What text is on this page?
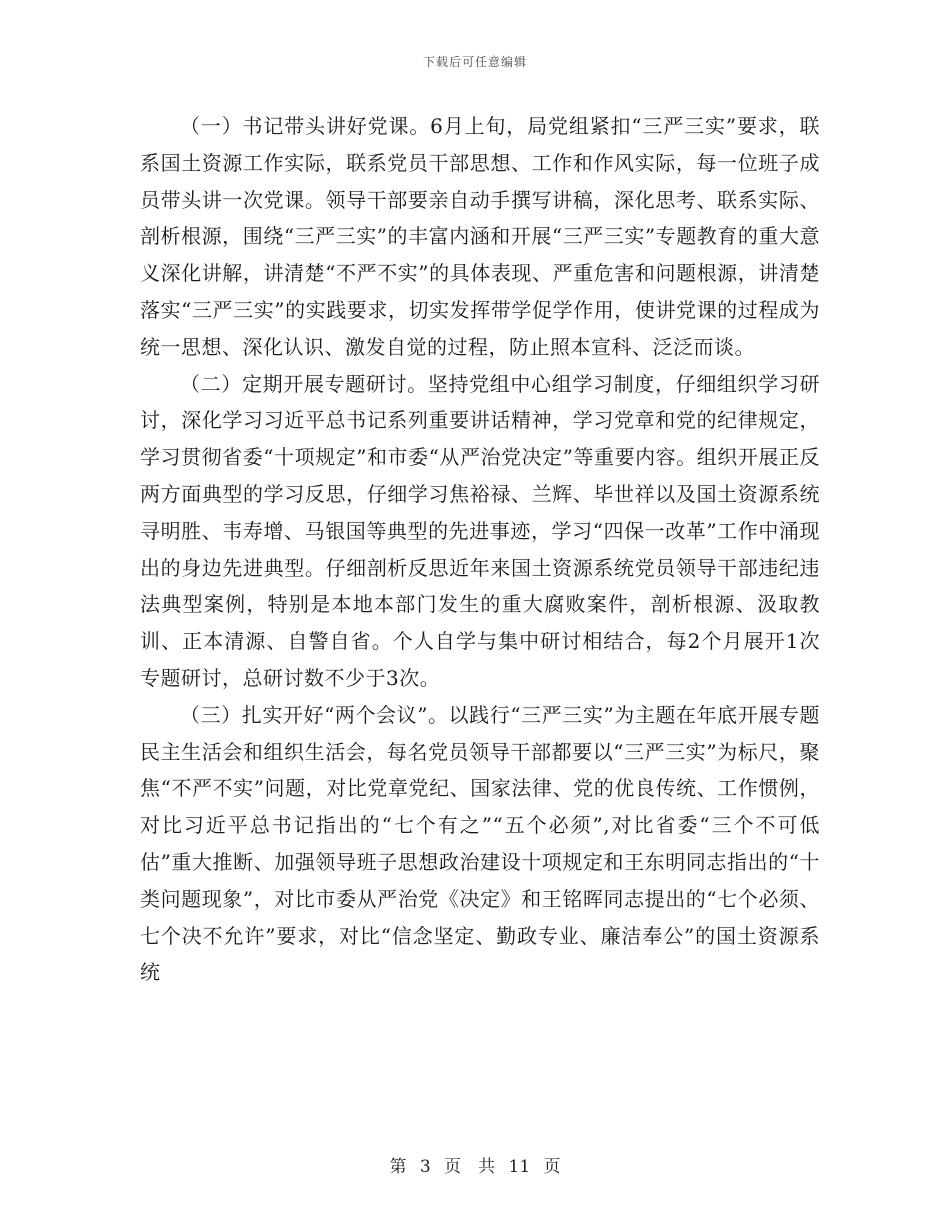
下载后可任意编辑

（一）书记带头讲好党课。6月上旬，局党组紧扣“三严三实”要求，联系国土资源工作实际，联系党员干部思想、工作和作风实际，每一位班子成员带头讲一次党课。领导干部要亲自动手撰写讲稿，深化思考、联系实际、剖析根源，围绕“三严三实”的丰富内涵和开展“三严三实”专题教育的重大意义深化讲解，讲清楚“不严不实”的具体表现、严重危害和问题根源，讲清楚落实“三严三实”的实践要求，切实发挥带学促学作用，使讲党课的过程成为统一思想、深化认识、激发自觉的过程，防止照本宣科、泛泛而谈。

（二）定期开展专题研讨。坚持党组中心组学习制度，仔细组织学习研讨，深化学习习近平总书记系列重要讲话精神，学习党章和党的纪律规定，学习贯彻省委“十项规定”和市委“从严治党决定”等重要内容。组织开展正反两方面典型的学习反思，仔细学习焦裕禄、兰辉、毕世祥以及国土资源系统寻明胜、韦寿增、马银国等典型的先进事迹，学习“四保一改革”工作中涌现出的身边先进典型。仔细剖析反思近年来国土资源系统党员领导干部违纪违法典型案例，特别是本地本部门发生的重大腐败案件，剖析根源、汲取教训、正本清源、自警自省。个人自学与集中研讨相结合，每2个月展开1次专题研讨，总研讨数不少于3次。

（三）扎实开好“两个会议”。以践行“三严三实”为主题在年底开展专题民主生活会和组织生活会，每名党员领导干部都要以“三严三实”为标尺，聚焦“不严不实”问题，对比党章党纪、国家法律、党的优良传统、工作惯例，对比习近平总书记指出的“七个有之”“五个必须”,对比省委“三个不可低估”重大推断、加强领导班子思想政治建设十项规定和王东明同志指出的“十类问题现象”，对比市委从严治党《决定》和王铭晖同志提出的“七个必须、七个决不允许”要求，对比“信念坚定、勤政专业、廉洁奉公”的国土资源系统

第 3 页　共 11 页
